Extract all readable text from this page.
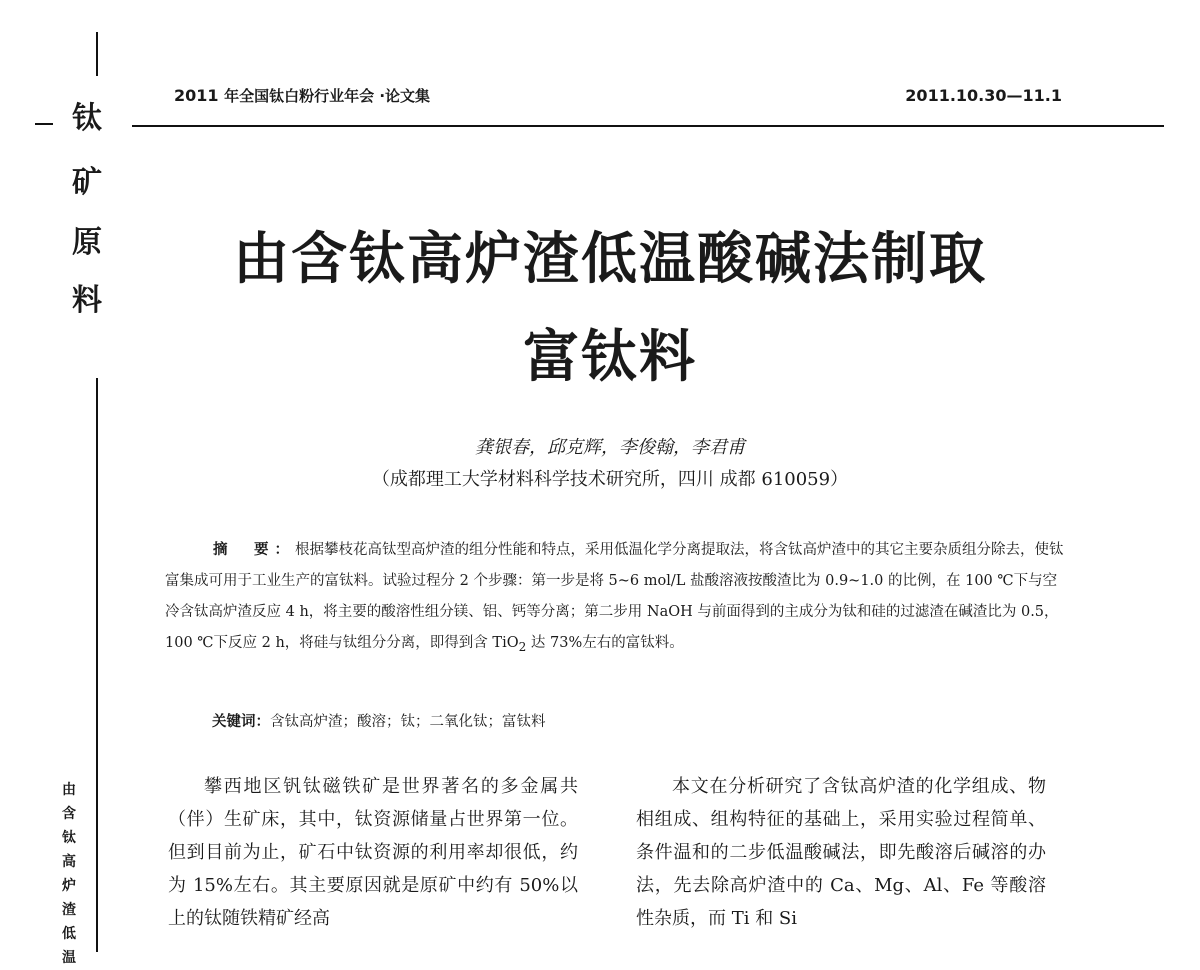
钛
矿
原
料
由
含
钛
高
炉
渣
低
温
2011 年全国钛白粉行业年会 ·论文集	2011.10.30—11.1
由含钛高炉渣低温酸碱法制取
富钛料
龚银春，邱克辉，李俊翰，李君甫
（成都理工大学材料科学技术研究所，四川 成都 610059）

摘　要：根据攀枝花高钛型高炉渣的组分性能和特点，采用低温化学分离提取法，将含钛高炉渣中的其它主要杂质组分除去，使钛富集成可用于工业生产的富钛料。试验过程分 2 个步骤：第一步是将 5~6 mol/L 盐酸溶液按酸渣比为 0.9~1.0 的比例，在 100 ℃下与空冷含钛高炉渣反应 4 h，将主要的酸溶性组分镁、铝、钙等分离；第二步用 NaOH 与前面得到的主成分为钛和硅的过滤渣在碱渣比为 0.5，100 ℃下反应 2 h，将硅与钛组分分离，即得到含 TiO$_2$ 达 73%左右的富钛料。

关键词：含钛高炉渣；酸溶；钛；二氧化钛；富钛料

攀西地区钒钛磁铁矿是世界著名的多金属共（伴）生矿床，其中，钛资源储量占世界第一位。但到目前为止，矿石中钛资源的利用率却很低，约为 15%左右。其主要原因就是原矿中约有 50%以上的钛随铁精矿经高

本文在分析研究了含钛高炉渣的化学组成、物相组成、组构特征的基础上，采用实验过程简单、条件温和的二步低温酸碱法，即先酸溶后碱溶的办法，先去除高炉渣中的 Ca、Mg、Al、Fe 等酸溶性杂质，而 Ti 和 Si
